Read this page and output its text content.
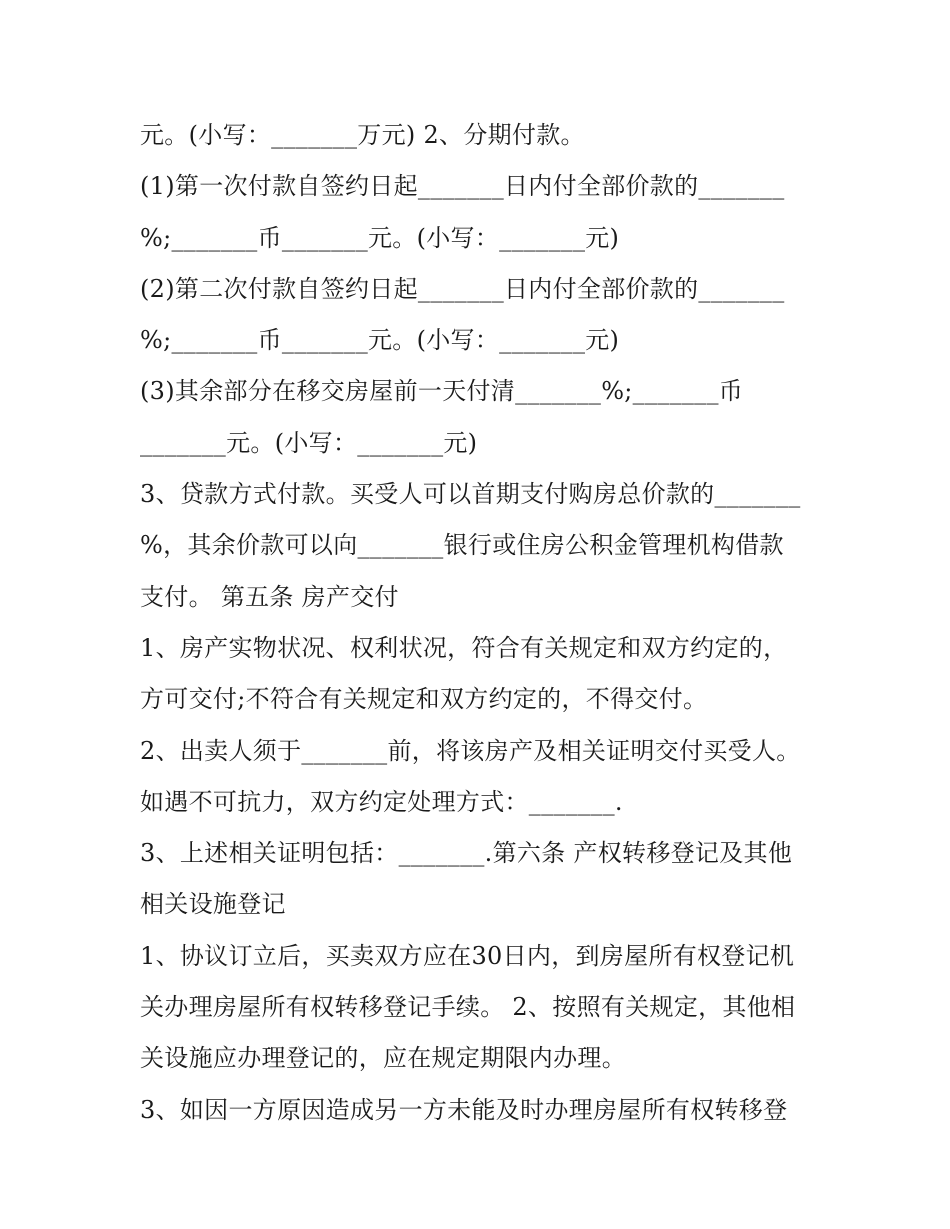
元。(小写：_______万元) 2、分期付款。
(1)第一次付款自签约日起_______日内付全部价款的_______
%;_______币_______元。(小写：_______元)
(2)第二次付款自签约日起_______日内付全部价款的_______
%;_______币_______元。(小写：_______元)
(3)其余部分在移交房屋前一天付清_______%;_______币
_______元。(小写：_______元)
3、贷款方式付款。买受人可以首期支付购房总价款的_______
%，其余价款可以向_______银行或住房公积金管理机构借款
支付。 第五条 房产交付
1、房产实物状况、权利状况，符合有关规定和双方约定的，
方可交付;不符合有关规定和双方约定的，不得交付。
2、出卖人须于_______前，将该房产及相关证明交付买受人。
如遇不可抗力，双方约定处理方式：_______.
3、上述相关证明包括：_______.第六条 产权转移登记及其他
相关设施登记
1、协议订立后，买卖双方应在30日内，到房屋所有权登记机
关办理房屋所有权转移登记手续。 2、按照有关规定，其他相
关设施应办理登记的，应在规定期限内办理。
3、如因一方原因造成另一方未能及时办理房屋所有权转移登
